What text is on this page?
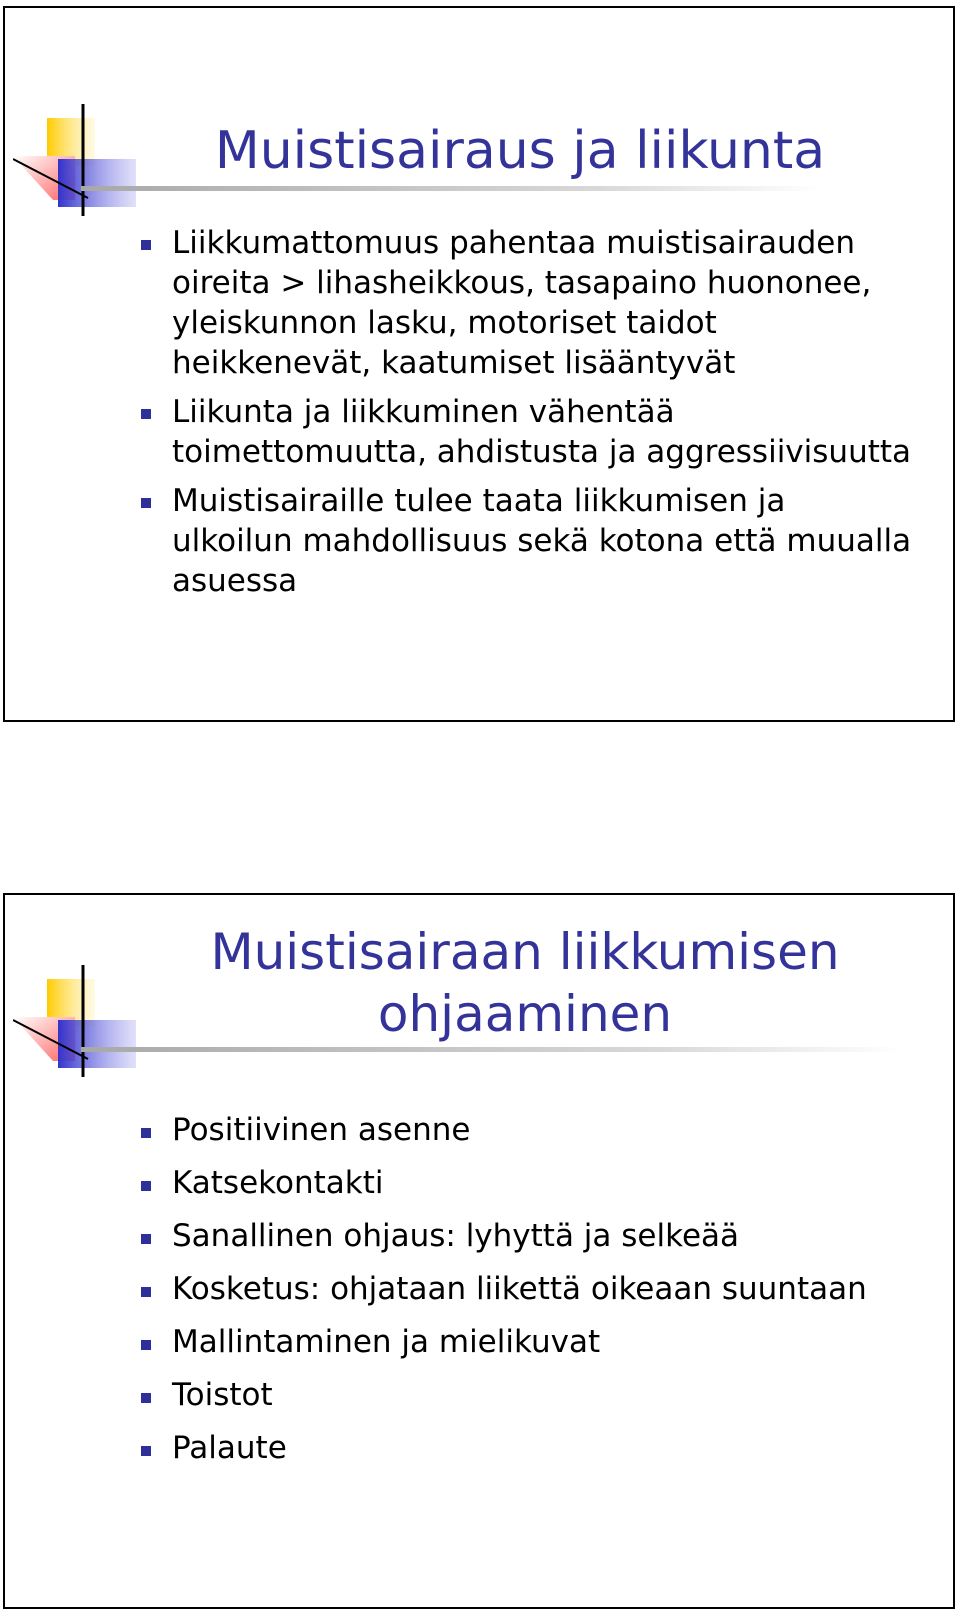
Muistisairaus ja liikunta
Liikkumattomuus pahentaa muistisairauden oireita > lihasheikkous, tasapaino huononee, yleiskunnon lasku, motoriset taidot heikkenevät, kaatumiset lisääntyvät
Liikunta ja liikkuminen vähentää toimettomuutta, ahdistusta ja aggressiivisuutta
Muistisairaille tulee taata liikkumisen ja ulkoilun mahdollisuus sekä kotona että muualla asuessa
Muistisairaan liikkumisen
ohjaaminen
Positiivinen asenne
Katsekontakti
Sanallinen ohjaus: lyhyttä ja selkeää
Kosketus: ohjataan liikettä oikeaan suuntaan
Mallintaminen ja mielikuvat
Toistot
Palaute
